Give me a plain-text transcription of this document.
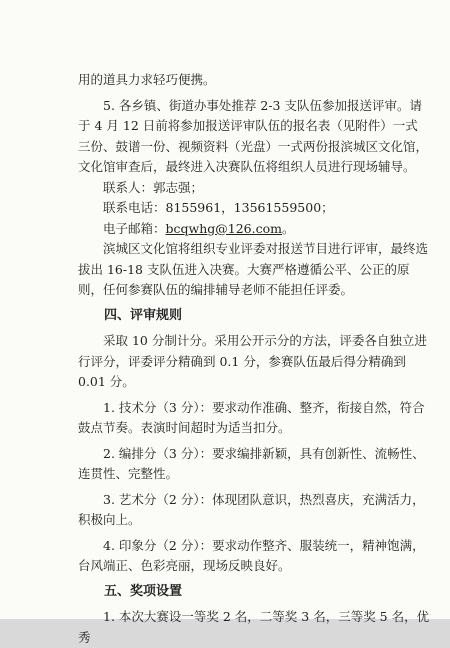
用的道具力求轻巧便携。

5. 各乡镇、街道办事处推荐 2-3 支队伍参加报送评审。请于 4 月 12 日前将参加报送评审队伍的报名表（见附件）一式三份、鼓谱一份、视频资料（光盘）一式两份报滨城区文化馆，文化馆审查后，最终进入决赛队伍将组织人员进行现场辅导。

联系人：郭志强；

联系电话：8155961，13561559500；

电子邮箱：bcqwhg@126.com。

滨城区文化馆将组织专业评委对报送节目进行评审，最终选拔出 16-18 支队伍进入决赛。大赛严格遵循公平、公正的原则，任何参赛队伍的编排辅导老师不能担任评委。

四、评审规则

采取 10 分制计分。采用公开示分的方法，评委各自独立进行评分，评委评分精确到 0.1 分，参赛队伍最后得分精确到 0.01 分。

1. 技术分（3 分）：要求动作准确、整齐，衔接自然，符合鼓点节奏。表演时间超时为适当扣分。

2. 编排分（3 分）：要求编排新颖，具有创新性、流畅性、连贯性、完整性。

3. 艺术分（2 分）：体现团队意识，热烈喜庆，充满活力，积极向上。

4. 印象分（2 分）：要求动作整齐、服装统一，精神饱满，台风端正、色彩亮丽，现场反映良好。

五、奖项设置

1. 本次大赛设一等奖 2 名，二等奖 3 名，三等奖 5 名，优秀
